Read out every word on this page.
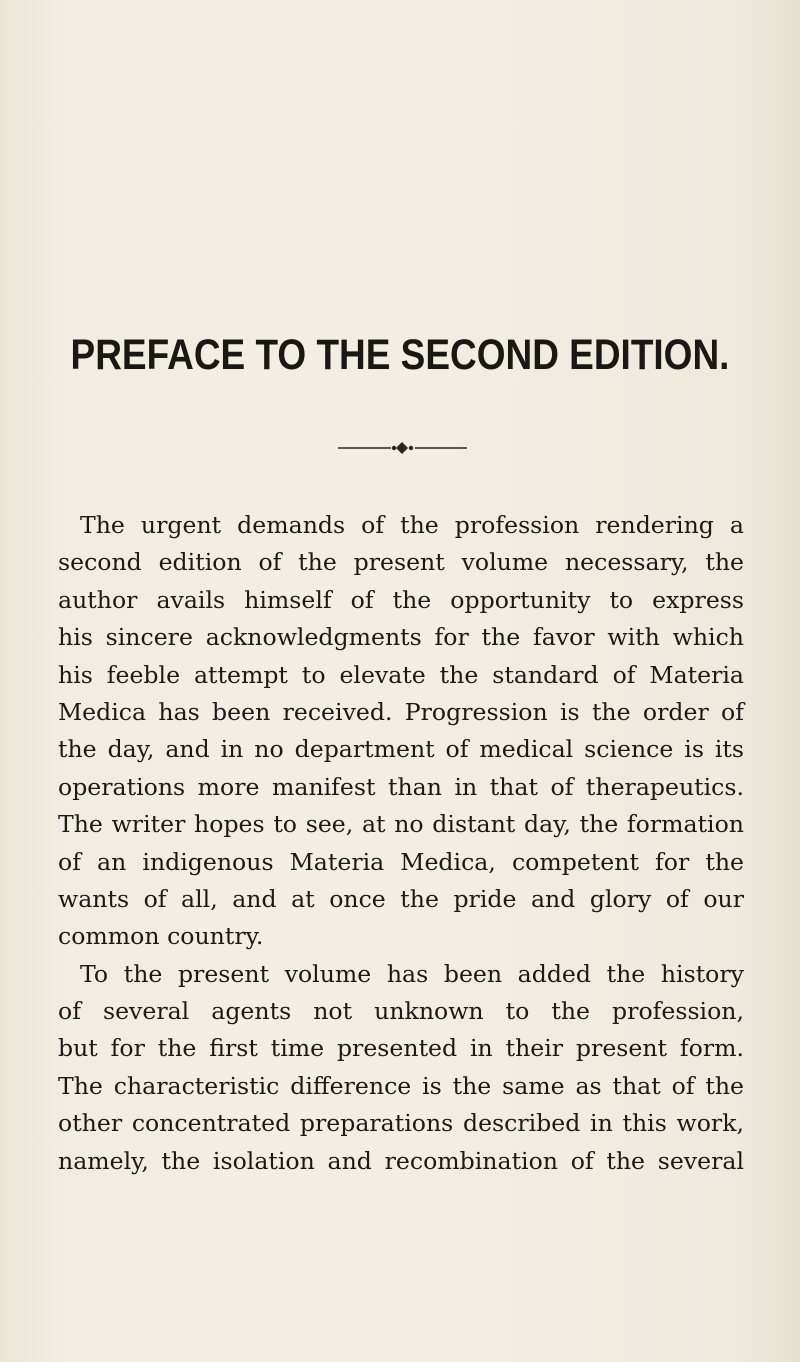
PREFACE TO THE SECOND EDITION.
The urgent demands of the profession rendering a
second edition of the present volume necessary, the
author avails himself of the opportunity to express
his sincere acknowledgments for the favor with which
his feeble attempt to elevate the standard of Materia
Medica has been received. Progression is the order of
the day, and in no department of medical science is its
operations more manifest than in that of therapeutics.
The writer hopes to see, at no distant day, the formation
of an indigenous Materia Medica, competent for the
wants of all, and at once the pride and glory of our
common country.
To the present volume has been added the history
of several agents not unknown to the profession,
but for the first time presented in their present form.
The characteristic difference is the same as that of the
other concentrated preparations described in this work,
namely, the isolation and recombination of the several
